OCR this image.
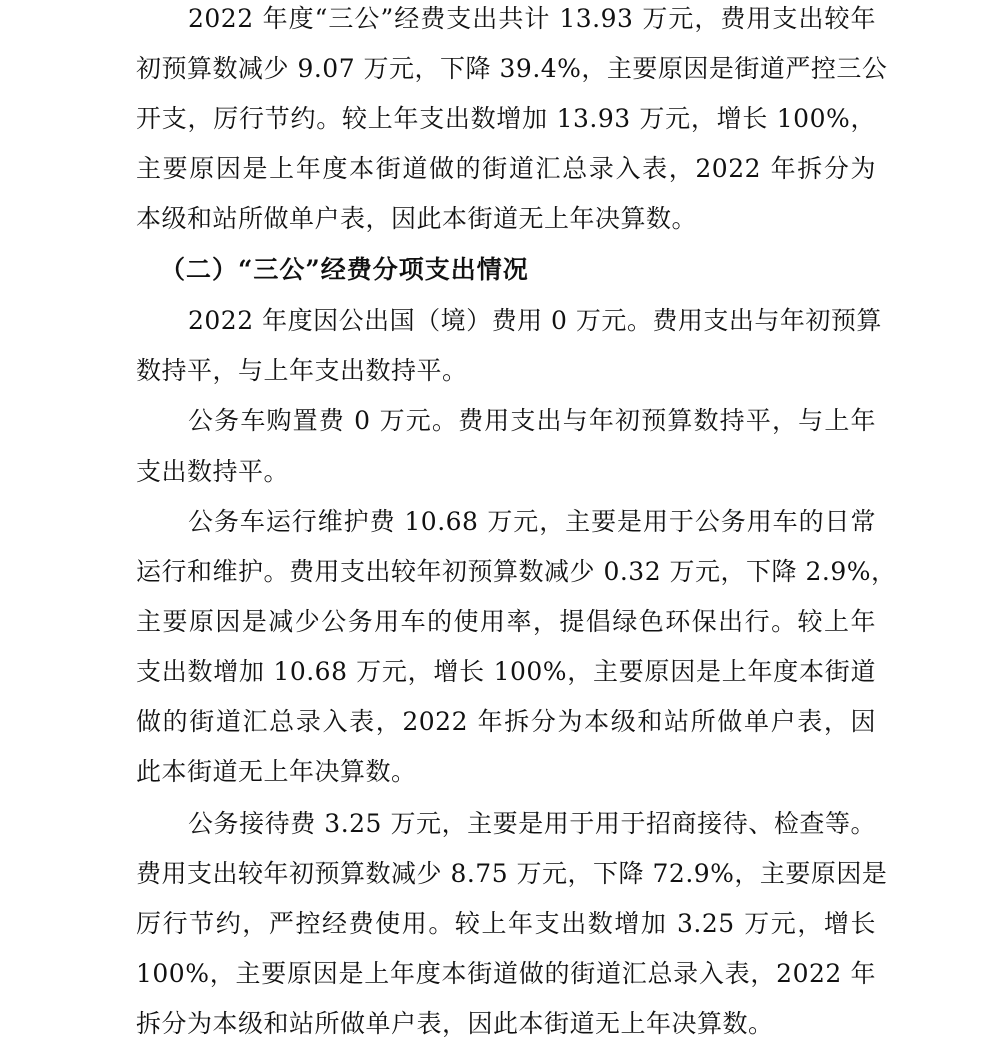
2022 年度“三公”经费支出共计 13.93 万元，费用支出较年
初预算数减少 9.07 万元，下降 39.4%，主要原因是街道严控三公
开支，厉行节约。较上年支出数增加 13.93 万元，增长 100%，
主要原因是上年度本街道做的街道汇总录入表，2022 年拆分为
本级和站所做单户表，因此本街道无上年决算数。
（二）“三公”经费分项支出情况
2022 年度因公出国（境）费用 0 万元。费用支出与年初预算
数持平，与上年支出数持平。
公务车购置费 0 万元。费用支出与年初预算数持平，与上年
支出数持平。
公务车运行维护费 10.68 万元，主要是用于公务用车的日常
运行和维护。费用支出较年初预算数减少 0.32 万元，下降 2.9%，
主要原因是减少公务用车的使用率，提倡绿色环保出行。较上年
支出数增加 10.68 万元，增长 100%，主要原因是上年度本街道
做的街道汇总录入表，2022 年拆分为本级和站所做单户表，因
此本街道无上年决算数。
公务接待费 3.25 万元，主要是用于用于招商接待、检查等。
费用支出较年初预算数减少 8.75 万元，下降 72.9%，主要原因是
厉行节约，严控经费使用。较上年支出数增加 3.25 万元，增长
100%，主要原因是上年度本街道做的街道汇总录入表，2022 年
拆分为本级和站所做单户表，因此本街道无上年决算数。
